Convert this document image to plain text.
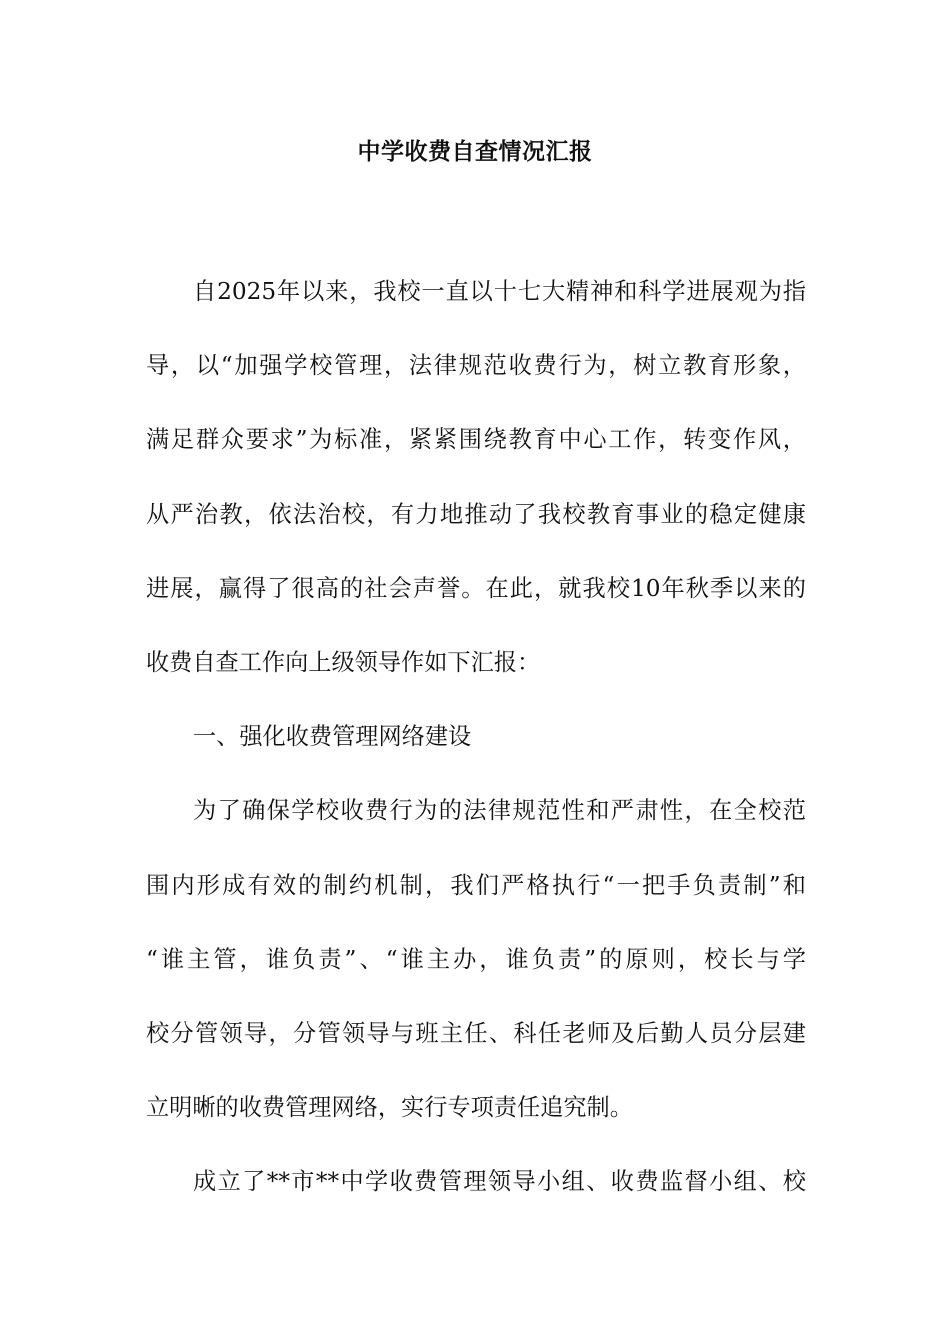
中学收费自查情况汇报
自2025年以来，我校一直以十七大精神和科学进展观为指
导，以“加强学校管理，法律规范收费行为，树立教育形象，
满足群众要求”为标准，紧紧围绕教育中心工作，转变作风，
从严治教，依法治校，有力地推动了我校教育事业的稳定健康
进展，赢得了很高的社会声誉。在此，就我校10年秋季以来的
收费自查工作向上级领导作如下汇报：
一、强化收费管理网络建设
为了确保学校收费行为的法律规范性和严肃性，在全校范
围内形成有效的制约机制，我们严格执行“一把手负责制”和
“谁主管，谁负责”、“谁主办，谁负责”的原则，校长与学
校分管领导，分管领导与班主任、科任老师及后勤人员分层建
立明晰的收费管理网络，实行专项责任追究制。
成立了**市**中学收费管理领导小组、收费监督小组、校
